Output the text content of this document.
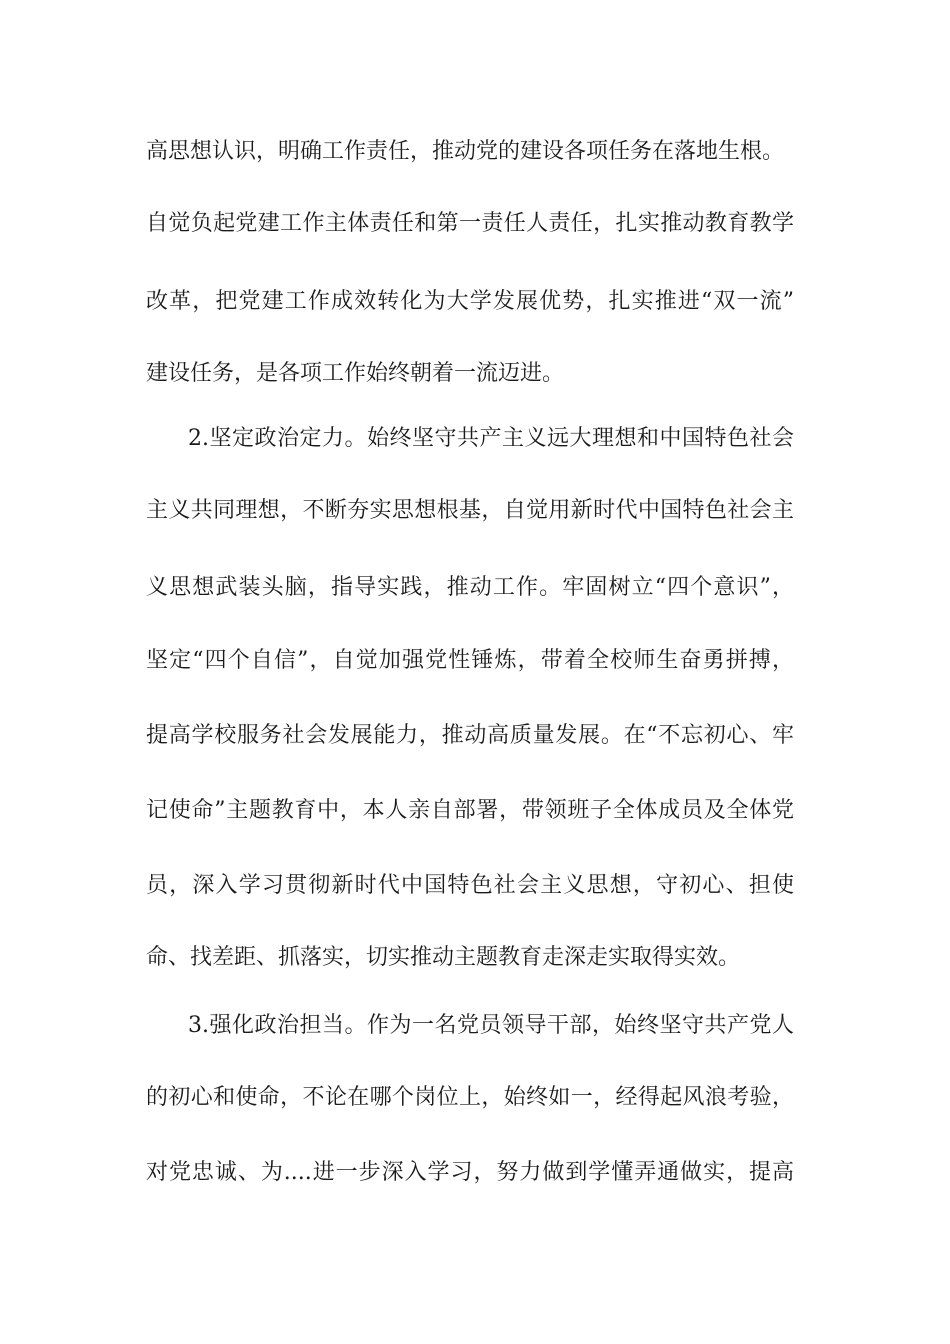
高思想认识，明确工作责任，推动党的建设各项任务在落地生根。
自觉负起党建工作主体责任和第一责任人责任，扎实推动教育教学
改革，把党建工作成效转化为大学发展优势，扎实推进“双一流”
建设任务，是各项工作始终朝着一流迈进。
2.坚定政治定力。始终坚守共产主义远大理想和中国特色社会
主义共同理想，不断夯实思想根基，自觉用新时代中国特色社会主
义思想武装头脑，指导实践，推动工作。牢固树立“四个意识”，
坚定“四个自信”，自觉加强党性锤炼，带着全校师生奋勇拼搏，
提高学校服务社会发展能力，推动高质量发展。在“不忘初心、牢
记使命”主题教育中，本人亲自部署，带领班子全体成员及全体党
员，深入学习贯彻新时代中国特色社会主义思想，守初心、担使
命、找差距、抓落实，切实推动主题教育走深走实取得实效。
3.强化政治担当。作为一名党员领导干部，始终坚守共产党人
的初心和使命，不论在哪个岗位上，始终如一，经得起风浪考验，
对党忠诚、为....进一步深入学习，努力做到学懂弄通做实，提高
